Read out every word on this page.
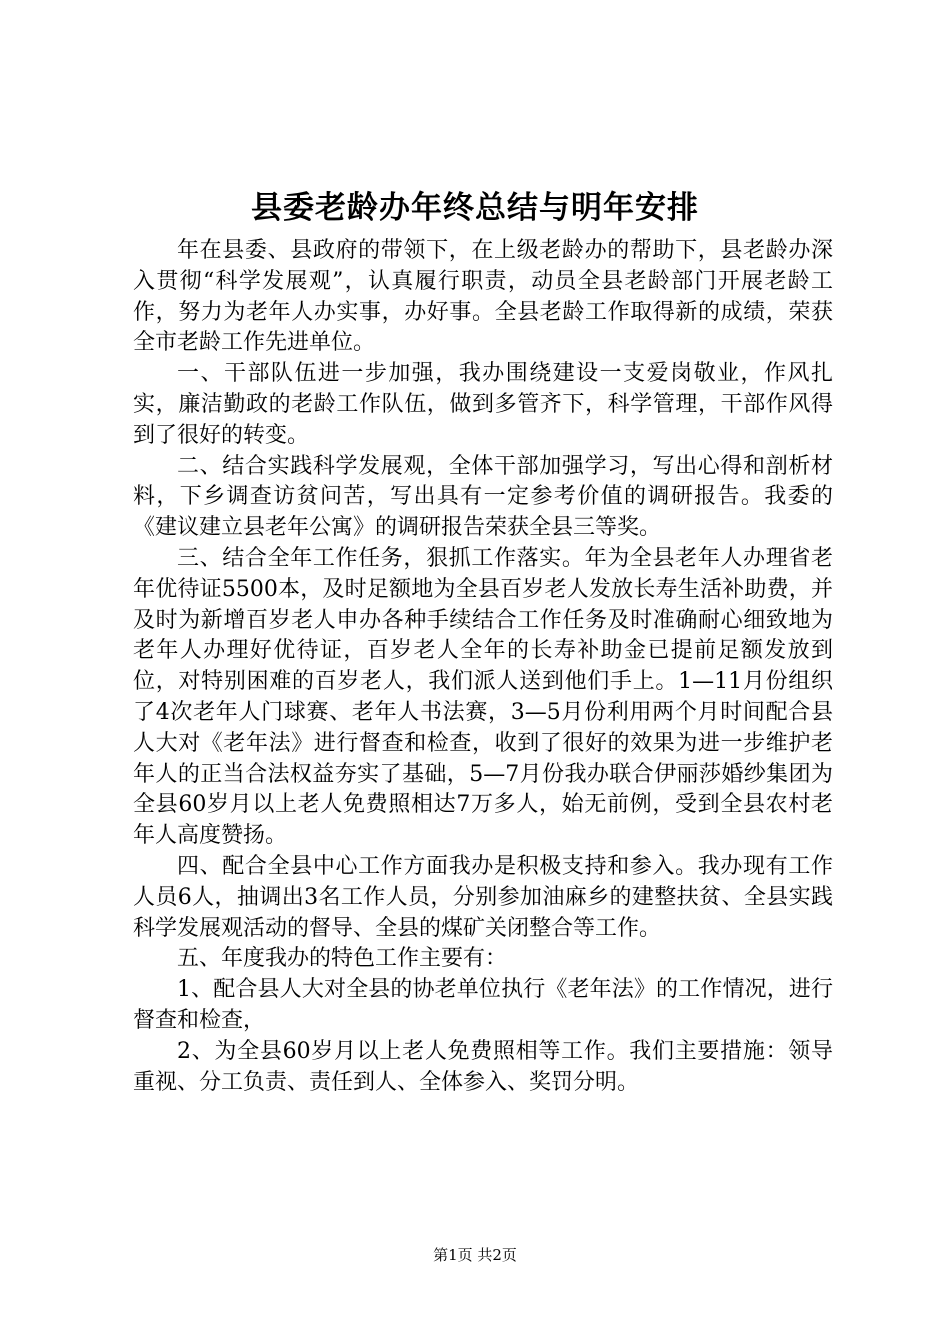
县委老龄办年终总结与明年安排

年在县委、县政府的带领下，在上级老龄办的帮助下，县老龄办深入贯彻“科学发展观”，认真履行职责，动员全县老龄部门开展老龄工作，努力为老年人办实事，办好事。全县老龄工作取得新的成绩，荣获全市老龄工作先进单位。

一、干部队伍进一步加强，我办围绕建设一支爱岗敬业，作风扎实，廉洁勤政的老龄工作队伍，做到多管齐下，科学管理，干部作风得到了很好的转变。

二、结合实践科学发展观，全体干部加强学习，写出心得和剖析材料，下乡调查访贫问苦，写出具有一定参考价值的调研报告。我委的《建议建立县老年公寓》的调研报告荣获全县三等奖。

三、结合全年工作任务，狠抓工作落实。年为全县老年人办理省老年优待证5500本，及时足额地为全县百岁老人发放长寿生活补助费，并及时为新增百岁老人申办各种手续结合工作任务及时准确耐心细致地为老年人办理好优待证，百岁老人全年的长寿补助金已提前足额发放到位，对特别困难的百岁老人，我们派人送到他们手上。1—11月份组织了4次老年人门球赛、老年人书法赛，3—5月份利用两个月时间配合县人大对《老年法》进行督查和检查，收到了很好的效果为进一步维护老年人的正当合法权益夯实了基础，5—7月份我办联合伊丽莎婚纱集团为全县60岁月以上老人免费照相达7万多人，始无前例，受到全县农村老年人高度赞扬。

四、配合全县中心工作方面我办是积极支持和参入。我办现有工作人员6人，抽调出3名工作人员，分别参加油麻乡的建整扶贫、全县实践科学发展观活动的督导、全县的煤矿关闭整合等工作。

五、年度我办的特色工作主要有：

1、配合县人大对全县的协老单位执行《老年法》的工作情况，进行督查和检查，

2、为全县60岁月以上老人免费照相等工作。我们主要措施：领导重视、分工负责、责任到人、全体参入、奖罚分明。

第1页 共2页
